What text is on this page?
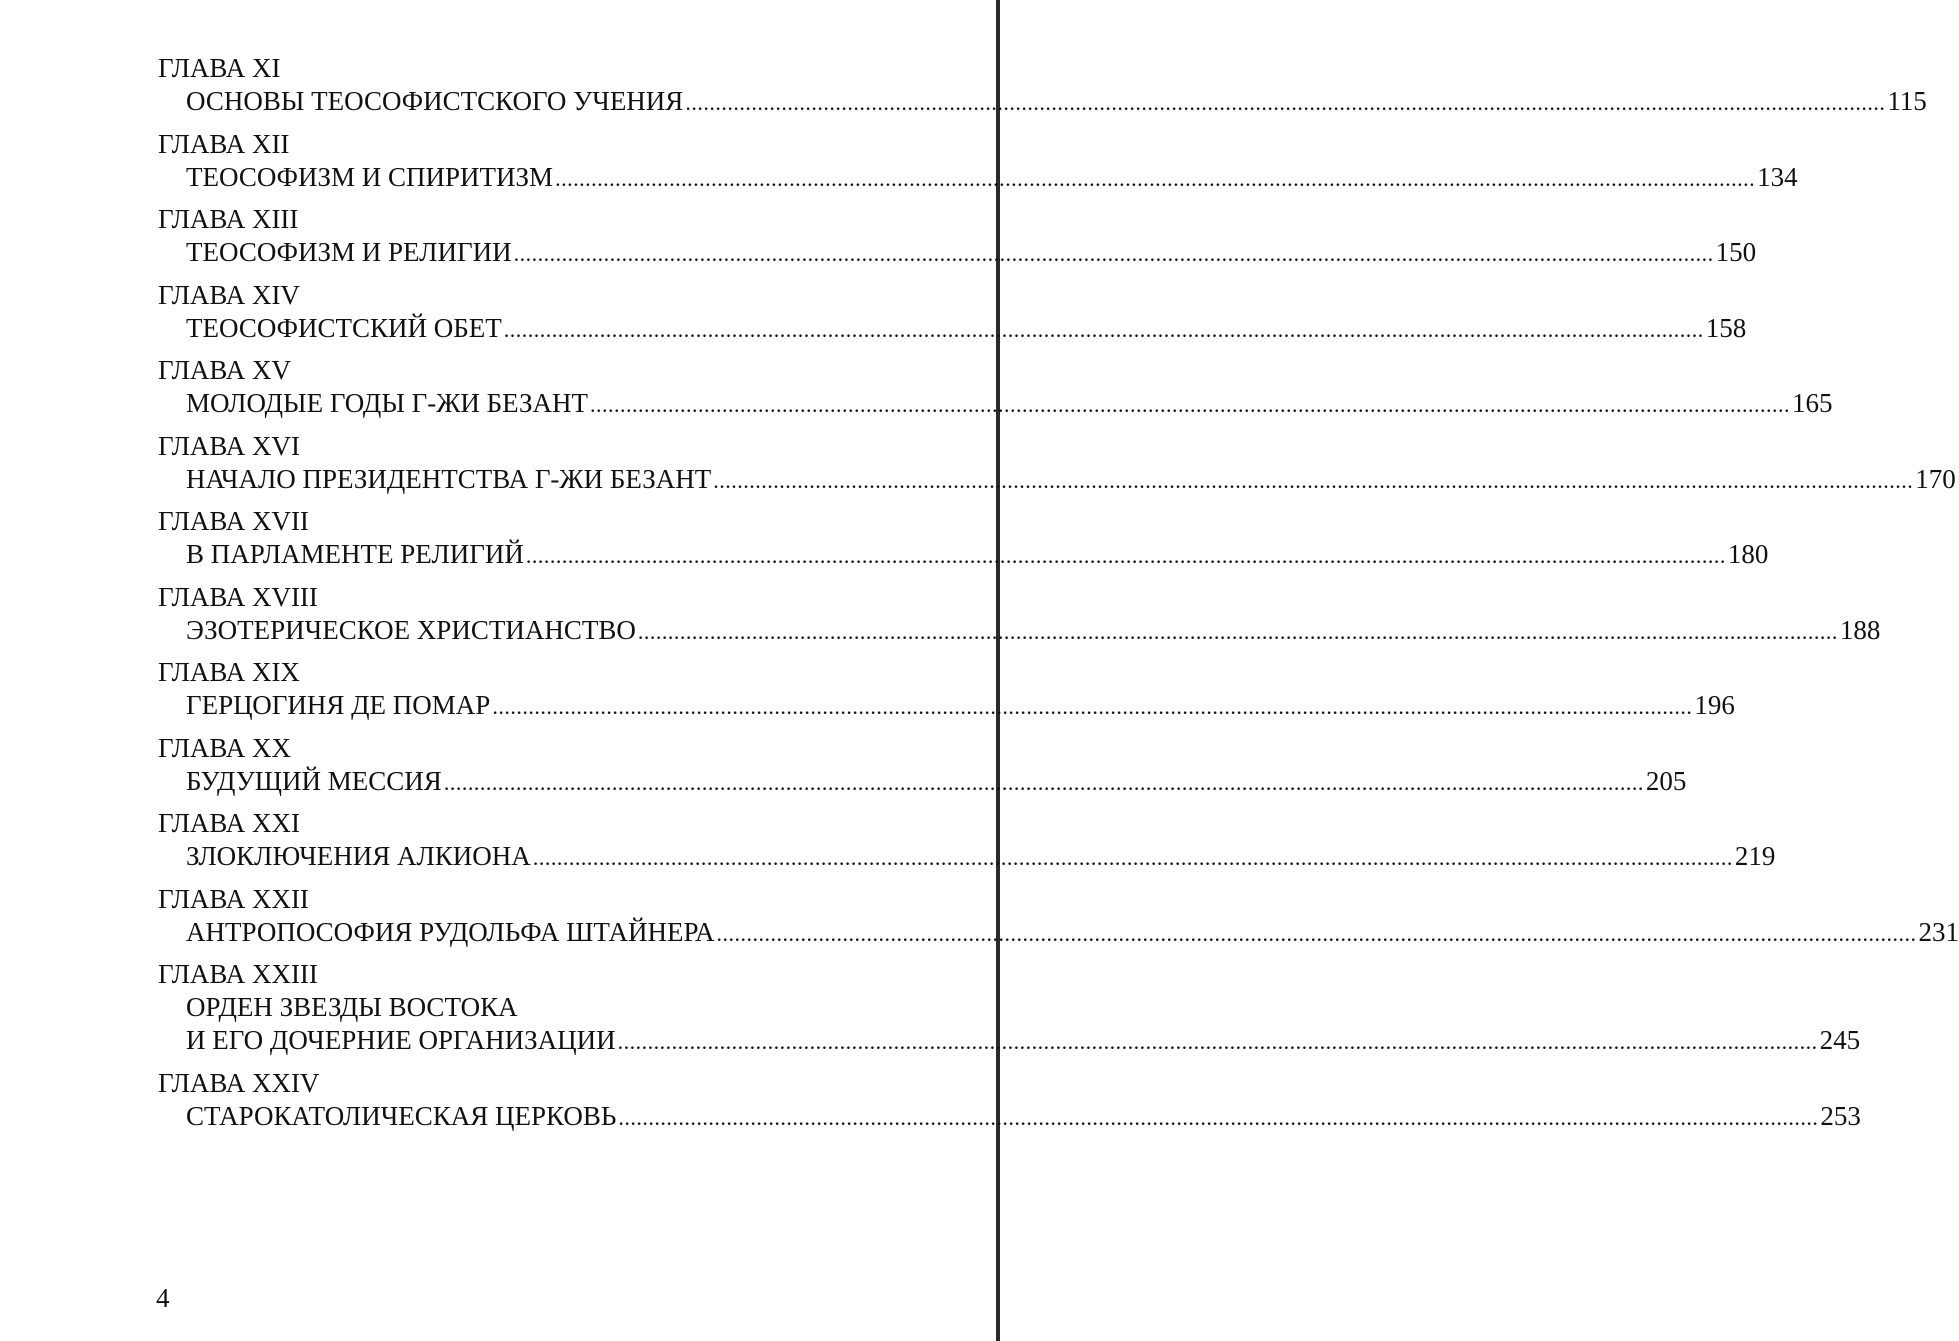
ГЛАВА XI
ОСНОВЫ ТЕОСОФИСТСКОГО УЧЕНИЯ ........................................................................................................................................................................................................ 115
ГЛАВА XII
ТЕОСОФИЗМ И СПИРИТИЗМ ........................................................................................................................................................................................................ 134
ГЛАВА XIII
ТЕОСОФИЗМ И РЕЛИГИИ ........................................................................................................................................................................................................ 150
ГЛАВА XIV
ТЕОСОФИСТСКИЙ ОБЕТ ........................................................................................................................................................................................................ 158
ГЛАВА XV
МОЛОДЫЕ ГОДЫ Г-ЖИ БЕЗАНТ ........................................................................................................................................................................................................ 165
ГЛАВА XVI
НАЧАЛО ПРЕЗИДЕНТСТВА Г-ЖИ БЕЗАНТ ........................................................................................................................................................................................................ 170
ГЛАВА XVII
В ПАРЛАМЕНТЕ РЕЛИГИЙ ........................................................................................................................................................................................................ 180
ГЛАВА XVIII
ЭЗОТЕРИЧЕСКОЕ ХРИСТИАНСТВО ........................................................................................................................................................................................................ 188
ГЛАВА XIX
ГЕРЦОГИНЯ ДЕ ПОМАР ........................................................................................................................................................................................................ 196
ГЛАВА XX
БУДУЩИЙ МЕССИЯ ........................................................................................................................................................................................................ 205
ГЛАВА XXI
ЗЛОКЛЮЧЕНИЯ АЛКИОНА ........................................................................................................................................................................................................ 219
ГЛАВА XXII
АНТРОПОСОФИЯ РУДОЛЬФА ШТАЙНЕРА ........................................................................................................................................................................................................ 231
ГЛАВА XXIII
ОРДЕН ЗВЕЗДЫ ВОСТОКА
И ЕГО ДОЧЕРНИЕ ОРГАНИЗАЦИИ ........................................................................................................................................................................................................ 245
ГЛАВА XXIV
СТАРОКАТОЛИЧЕСКАЯ ЦЕРКОВЬ ........................................................................................................................................................................................................ 253
4
